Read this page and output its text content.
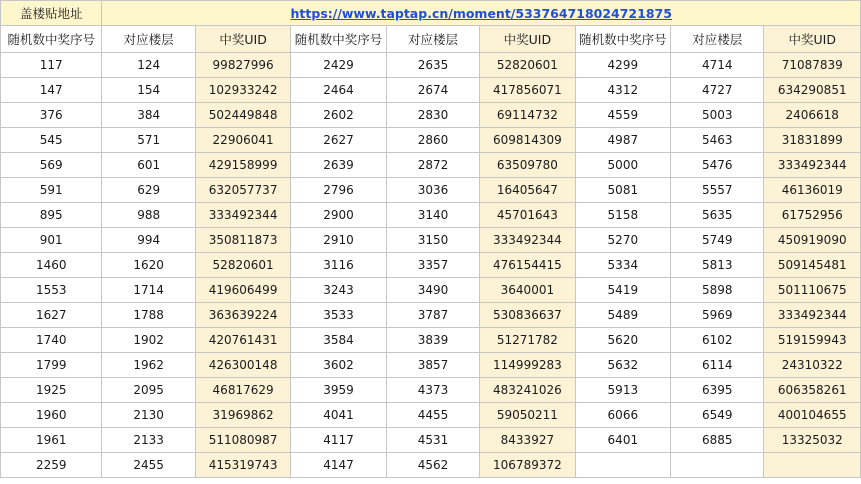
盖楼贴地址	https://www.taptap.cn/moment/533764718024721875							
随机数中奖序号	对应楼层	中奖UID	随机数中奖序号	对应楼层	中奖UID	随机数中奖序号	对应楼层	中奖UID
117	124	99827996	2429	2635	52820601	4299	4714	71087839
147	154	102933242	2464	2674	417856071	4312	4727	634290851
376	384	502449848	2602	2830	69114732	4559	5003	2406618
545	571	22906041	2627	2860	609814309	4987	5463	31831899
569	601	429158999	2639	2872	63509780	5000	5476	333492344
591	629	632057737	2796	3036	16405647	5081	5557	46136019
895	988	333492344	2900	3140	45701643	5158	5635	61752956
901	994	350811873	2910	3150	333492344	5270	5749	450919090
1460	1620	52820601	3116	3357	476154415	5334	5813	509145481
1553	1714	419606499	3243	3490	3640001	5419	5898	501110675
1627	1788	363639224	3533	3787	530836637	5489	5969	333492344
1740	1902	420761431	3584	3839	51271782	5620	6102	519159943
1799	1962	426300148	3602	3857	114999283	5632	6114	24310322
1925	2095	46817629	3959	4373	483241026	5913	6395	606358261
1960	2130	31969862	4041	4455	59050211	6066	6549	400104655
1961	2133	511080987	4117	4531	8433927	6401	6885	13325032
2259	2455	415319743	4147	4562	106789372			
